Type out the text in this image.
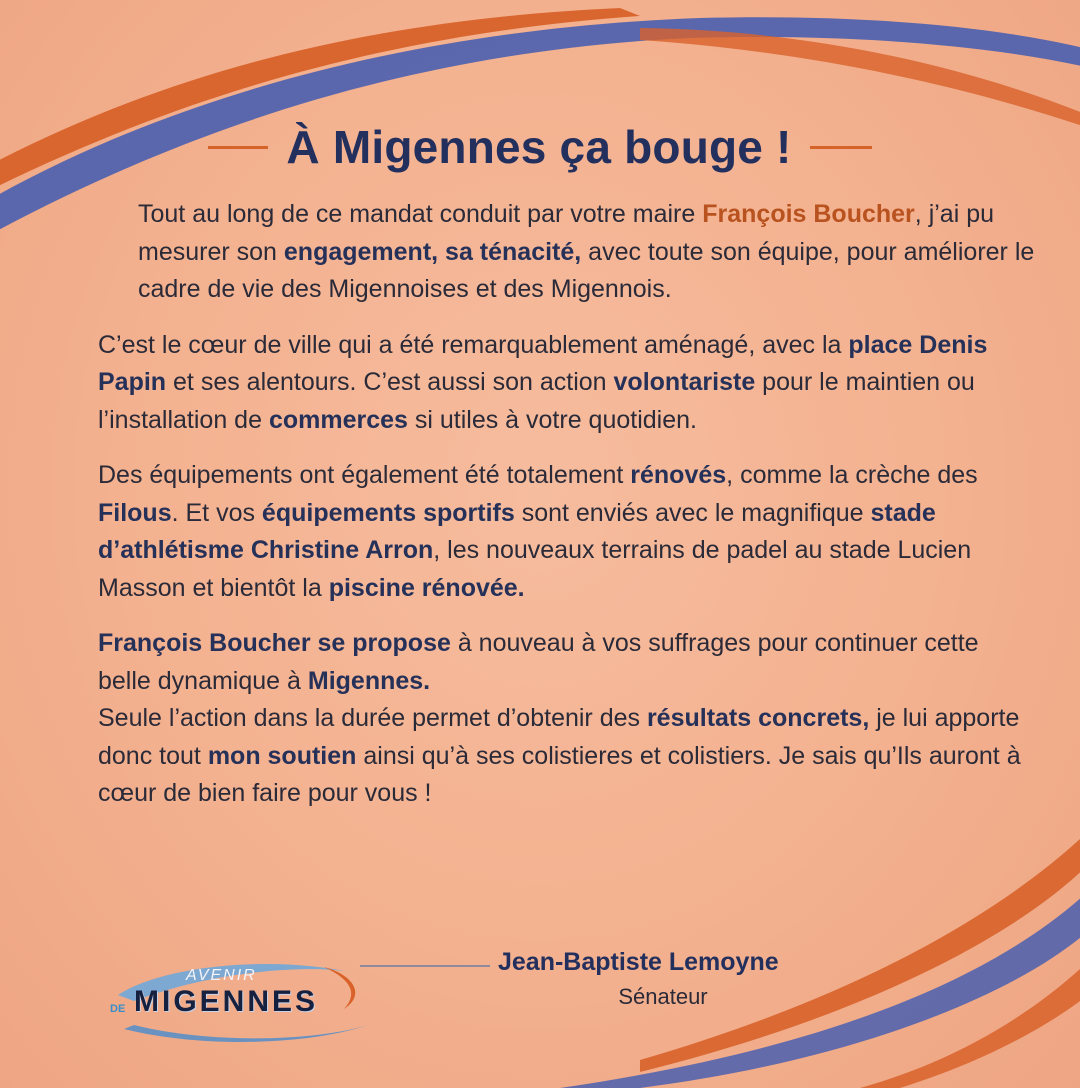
À Migennes ça bouge !

Tout au long de ce mandat conduit par votre maire François Boucher, j’ai pu mesurer son engagement, sa ténacité, avec toute son équipe, pour améliorer le cadre de vie des Migennoises et des Migennois.

C’est le cœur de ville qui a été remarquablement aménagé, avec la place Denis Papin et ses alentours. C’est aussi son action volontariste pour le maintien ou l’installation de commerces si utiles à votre quotidien.

Des équipements ont également été totalement rénovés, comme la crèche des Filous. Et vos équipements sportifs sont enviés avec le magnifique stade d’athlétisme Christine Arron, les nouveaux terrains de padel au stade Lucien Masson et bientôt la piscine rénovée.

François Boucher se propose à nouveau à vos suffrages pour continuer cette belle dynamique à Migennes.

Seule l’action dans la durée permet d’obtenir des résultats concrets, je lui apporte donc tout mon soutien ainsi qu’à ses colistieres et colistiers. Je sais qu’Ils auront à cœur de bien faire pour vous !

Jean-Baptiste Lemoyne

Sénateur

AVENIR

DE MIGENNES
